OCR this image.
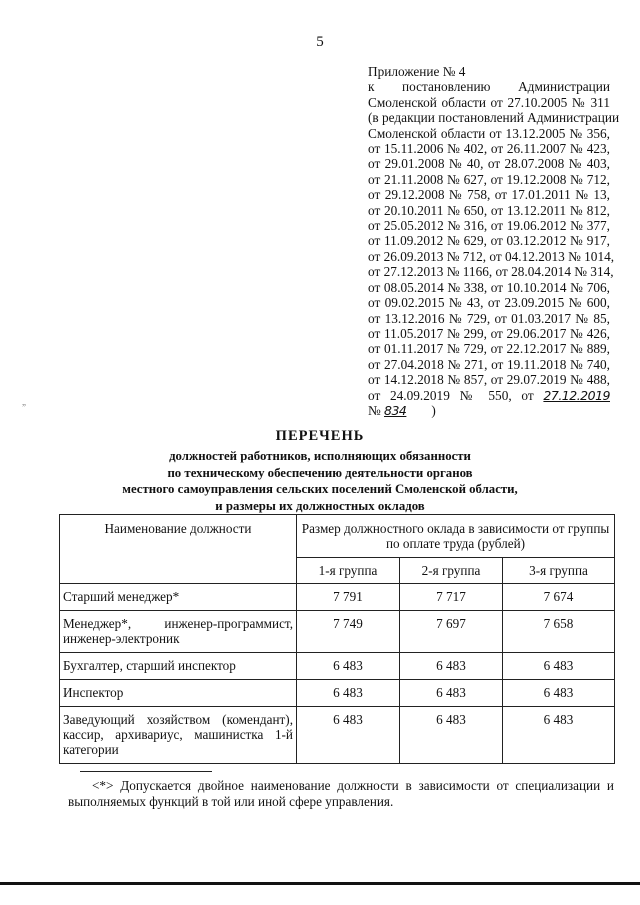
5
Приложение № 4
к постановлению Администрации
Смоленской области от 27.10.2005 № 311
(в редакции постановлений Администрации
Смоленской области от 13.12.2005 № 356,
от 15.11.2006 № 402, от 26.11.2007 № 423,
от 29.01.2008 № 40, от 28.07.2008 № 403,
от 21.11.2008 № 627, от 19.12.2008 № 712,
от 29.12.2008 № 758, от 17.01.2011 № 13,
от 20.10.2011 № 650, от 13.12.2011 № 812,
от 25.05.2012 № 316, от 19.06.2012 № 377,
от 11.09.2012 № 629, от 03.12.2012 № 917,
от 26.09.2013 № 712, от 04.12.2013 № 1014,
от 27.12.2013 № 1166, от 28.04.2014 № 314,
от 08.05.2014 № 338, от 10.10.2014 № 706,
от 09.02.2015 № 43, от 23.09.2015 № 600,
от 13.12.2016 № 729, от 01.03.2017 № 85,
от 11.05.2017 № 299, от 29.06.2017 № 426,
от 01.11.2017 № 729, от 22.12.2017 № 889,
от 27.04.2018 № 271, от 19.11.2018 № 740,
от 14.12.2018 № 857, от 29.07.2019 № 488,
от 24.09.2019 № 550, от 27.12.2019
№ 834 )
„
ПЕРЕЧЕНЬ
должностей работников, исполняющих обязанности
по техническому обеспечению деятельности органов
местного самоуправления сельских поселений Смоленской области,
и размеры их должностных окладов
Наименование должности	Размер должностного оклада в зависимости от группы по оплате труда (рублей)		
	1-я группа	2-я группа	3-я группа
Старший менеджер*	7 791	7 717	7 674
Менеджер*, инженер-программист, инженер-электроник	7 749	7 697	7 658
Бухгалтер, старший инспектор	6 483	6 483	6 483
Инспектор	6 483	6 483	6 483
Заведующий хозяйством (комендант), кассир, архивариус, машинистка 1-й категории	6 483	6 483	6 483
<*> Допускается двойное наименование должности в зависимости от специализации и выполняемых функций в той или иной сфере управления.
